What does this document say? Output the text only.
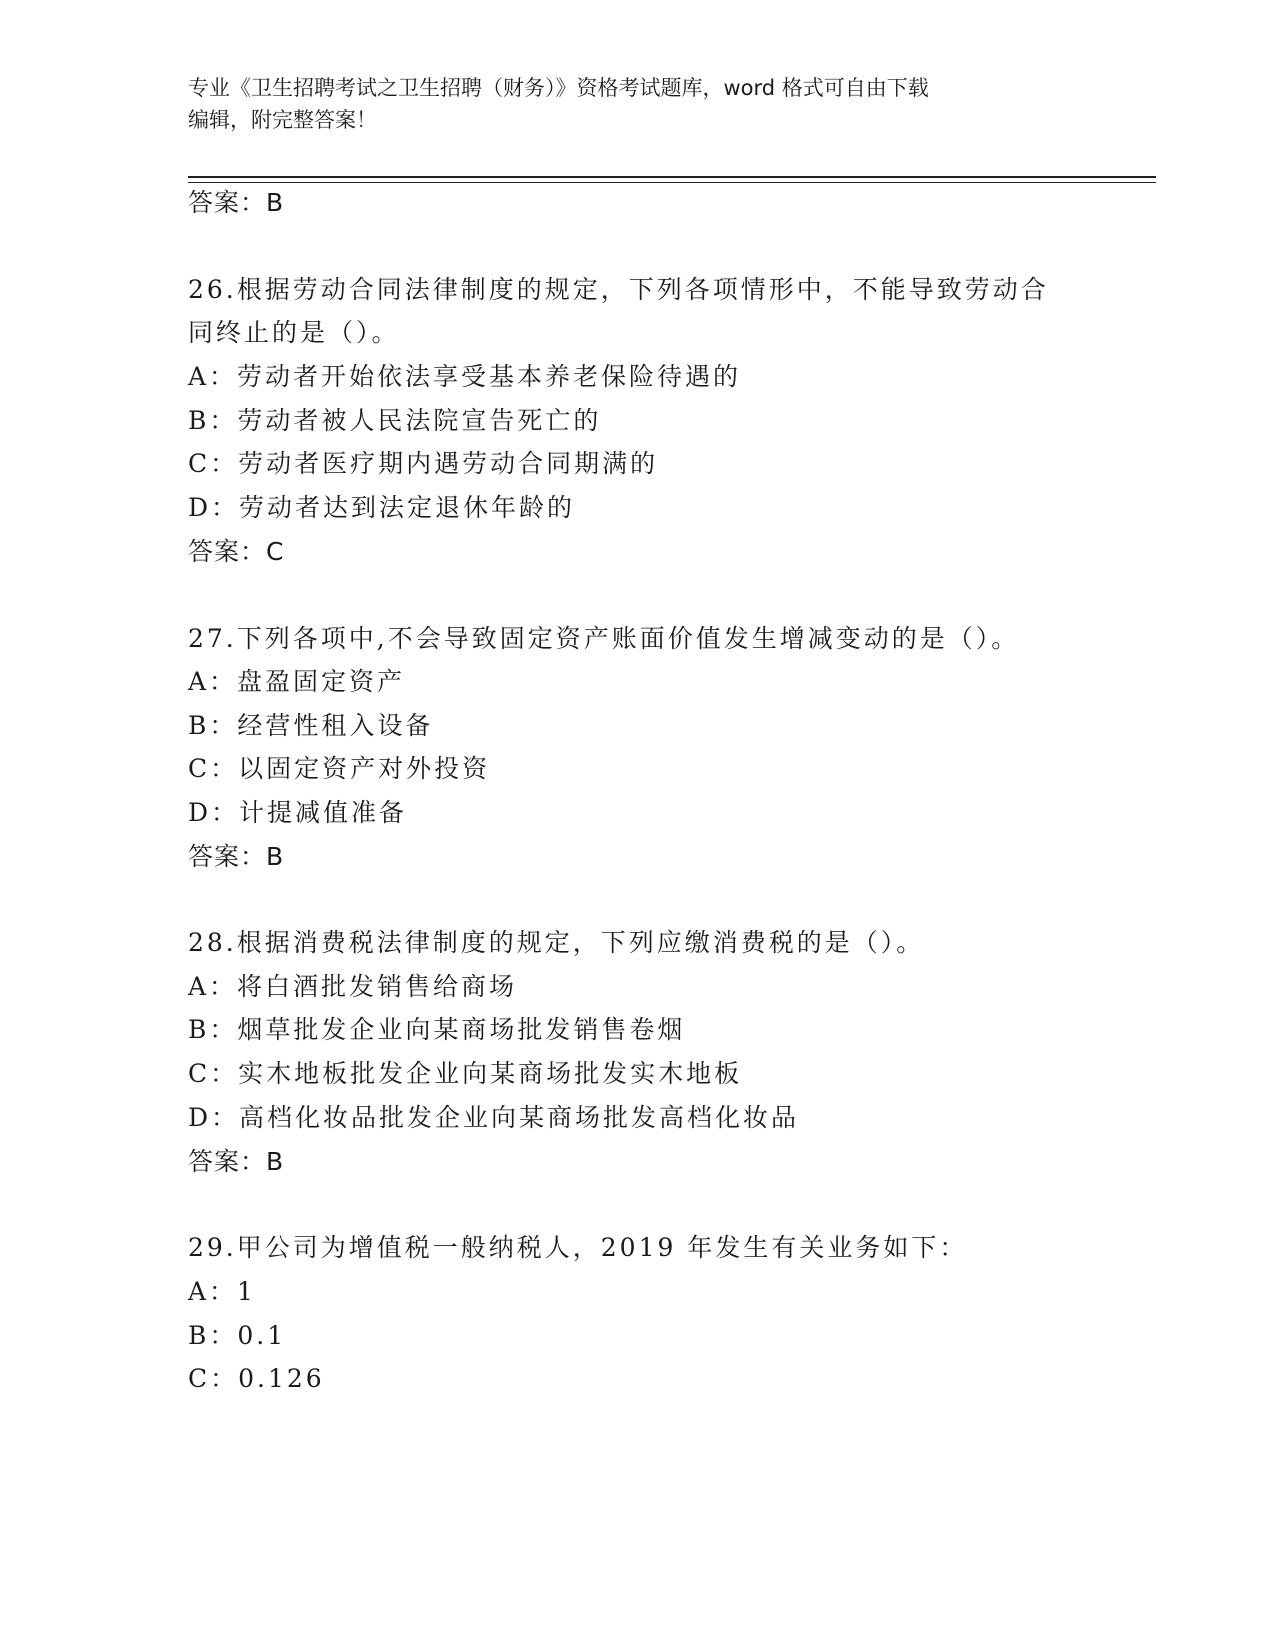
专业《卫生招聘考试之卫生招聘（财务）》资格考试题库，word 格式可自由下载
编辑，附完整答案！
答案：B
26.根据劳动合同法律制度的规定，下列各项情形中，不能导致劳动合
同终止的是（）。
A：劳动者开始依法享受基本养老保险待遇的
B：劳动者被人民法院宣告死亡的
C：劳动者医疗期内遇劳动合同期满的
D：劳动者达到法定退休年龄的
答案：C
27.下列各项中,不会导致固定资产账面价值发生增减变动的是（）。
A：盘盈固定资产
B：经营性租入设备
C：以固定资产对外投资
D：计提减值准备
答案：B
28.根据消费税法律制度的规定，下列应缴消费税的是（）。
A：将白酒批发销售给商场
B：烟草批发企业向某商场批发销售卷烟
C：实木地板批发企业向某商场批发实木地板
D：高档化妆品批发企业向某商场批发高档化妆品
答案：B
29.甲公司为增值税一般纳税人，2019 年发生有关业务如下：
A：1
B：0.1
C：0.126
